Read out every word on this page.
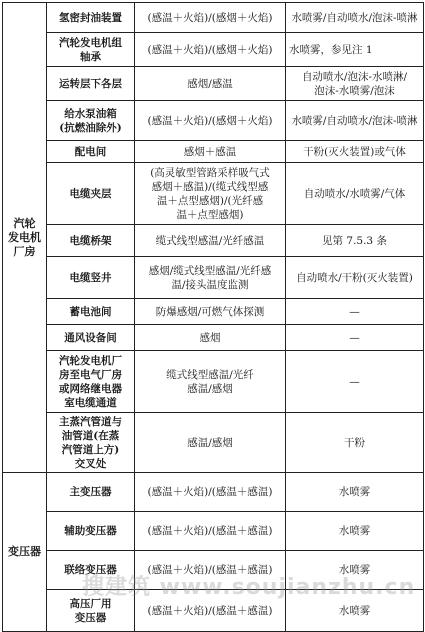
汽轮
发电机
厂房	氢密封油装置	(感温＋火焰)/(感烟＋火焰)	水喷雾/自动喷水/泡沫-喷淋
	汽轮发电机组
轴承	(感温＋火焰)/(感烟＋火焰)	水喷雾，参见注 1
	运转层下各层	感烟/感温	自动喷水/泡沫-水喷淋/
泡沫-水喷雾/泡沫
	给水泵油箱
(抗燃油除外)	(感温＋火焰)/(感烟＋火焰)	水喷雾/自动喷水/泡沫-喷淋
	配电间	感烟＋感温	干粉(灭火装置)或气体
	电缆夹层	(高灵敏型管路采样吸气式
感烟＋感温)/(缆式线型感
温＋点型感烟)/(光纤感
温＋点型感烟)	自动喷水/水喷雾/气体
	电缆桥架	缆式线型感温/光纤感温	见第 7.5.3 条
	电缆竖井	感烟/缆式线型感温/光纤感
温/接头温度监测	自动喷水/干粉(灭火装置)
	蓄电池间	防爆感烟/可燃气体探测	—
	通风设备间	感烟	—
	汽轮发电机厂
房至电气厂房
或网络继电器
室电缆通道	缆式线型感温/光纤
感温/感烟	—
	主蒸汽管道与
油管道(在蒸
汽管道上方)
交叉处	感温/感烟	干粉
变压器	主变压器	(感温＋火焰)/(感温＋感温)	水喷雾
	辅助变压器	(感温＋火焰)/(感温＋感温)	水喷雾
	联络变压器	(感温＋火焰)/(感温＋感温)	水喷雾
	高压厂用
变压器	(感温＋火焰)/(感温＋感温)	水喷雾
搜建筑 www.soujianzhu.cn
